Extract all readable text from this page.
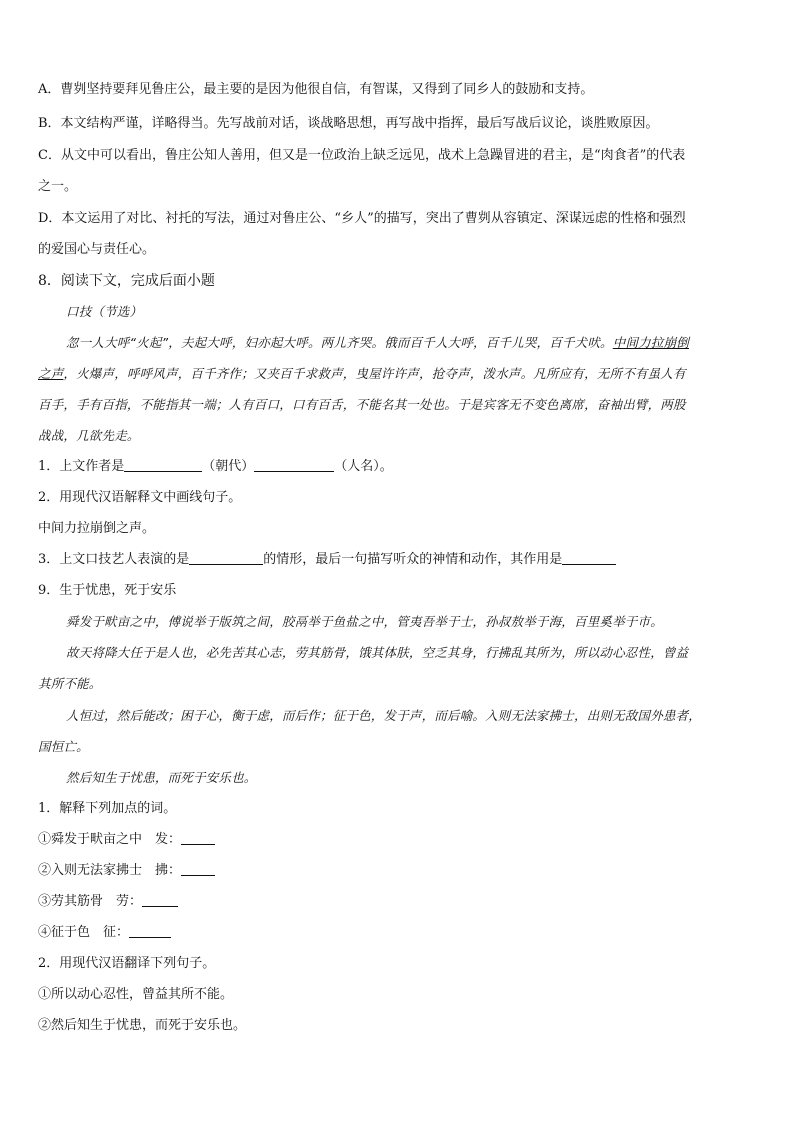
A．曹刿坚持要拜见鲁庄公，最主要的是因为他很自信，有智谋，又得到了同乡人的鼓励和支持。
B．本文结构严谨，详略得当。先写战前对话，谈战略思想，再写战中指挥，最后写战后议论，谈胜败原因。
C．从文中可以看出，鲁庄公知人善用，但又是一位政治上缺乏远见，战术上急躁冒进的君主，是“肉食者”的代表
之一。
D．本文运用了对比、衬托的写法，通过对鲁庄公、“乡人”的描写，突出了曹刿从容镇定、深谋远虑的性格和强烈
的爱国心与责任心。
8．阅读下文，完成后面小题
口技（节选）
忽一人大呼“火起”，夫起大呼，妇亦起大呼。两儿齐哭。俄而百千人大呼，百千儿哭，百千犬吠。中间力拉崩倒
之声，火爆声，呼呼风声，百千齐作；又夹百千求救声，曳屋许许声，抢夺声，泼水声。凡所应有，无所不有虽人有
百手，手有百指，不能指其一端；人有百口，口有百舌，不能名其一处也。于是宾客无不变色离席，奋袖出臂，两股
战战，几欲先走。
1．上文作者是	（朝代）	（人名）。
2．用现代汉语解释文中画线句子。
中间力拉崩倒之声。
3．上文口技艺人表演的是	的情形，最后一句描写听众的神情和动作，其作用是
9．生于忧患，死于安乐
舜发于畎亩之中，傅说举于版筑之间，胶鬲举于鱼盐之中，管夷吾举于士，孙叔敖举于海，百里奚举于市。
故天将降大任于是人也，必先苦其心志，劳其筋骨，饿其体肤，空乏其身，行拂乱其所为，所以动心忍性，曾益
其所不能。
人恒过，然后能改；困于心，衡于虑，而后作；征于色，发于声，而后喻。入则无法家拂士，出则无敌国外患者，
国恒亡。
然后知生于忧患，而死于安乐也。
1．解释下列加点的词。
①舜发于畎亩之中　发：
②入则无法家拂士　拂：
③劳其筋骨　劳：
④征于色　征：
2．用现代汉语翻译下列句子。
①所以动心忍性，曾益其所不能。
②然后知生于忧患，而死于安乐也。
